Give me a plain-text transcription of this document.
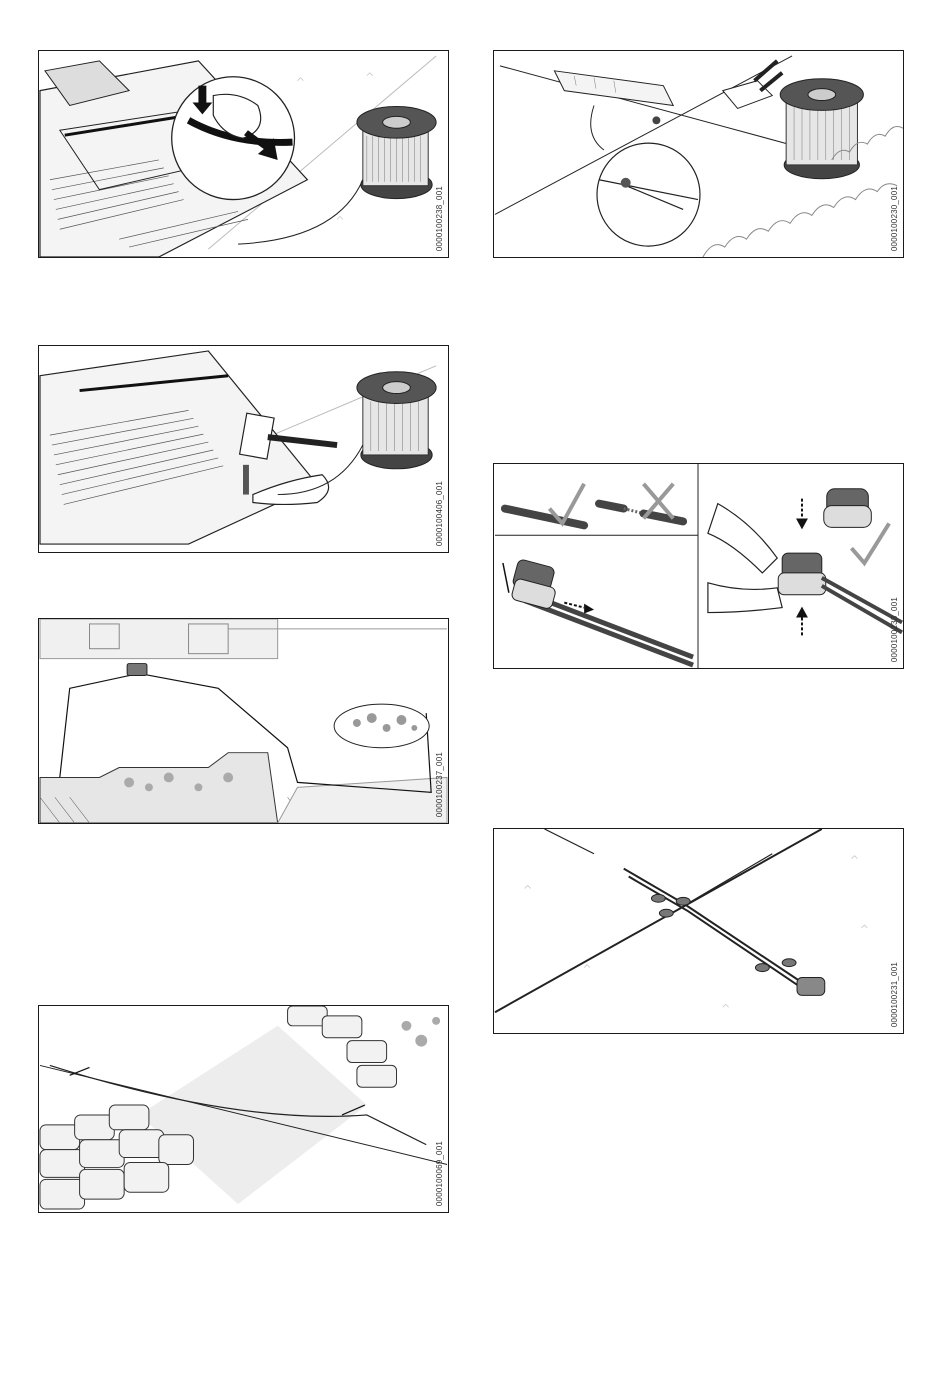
0000100238_001
0000100406_001
0000100237_001
0000100069_001
0000100230_001
0000100233_001
0000100231_001
